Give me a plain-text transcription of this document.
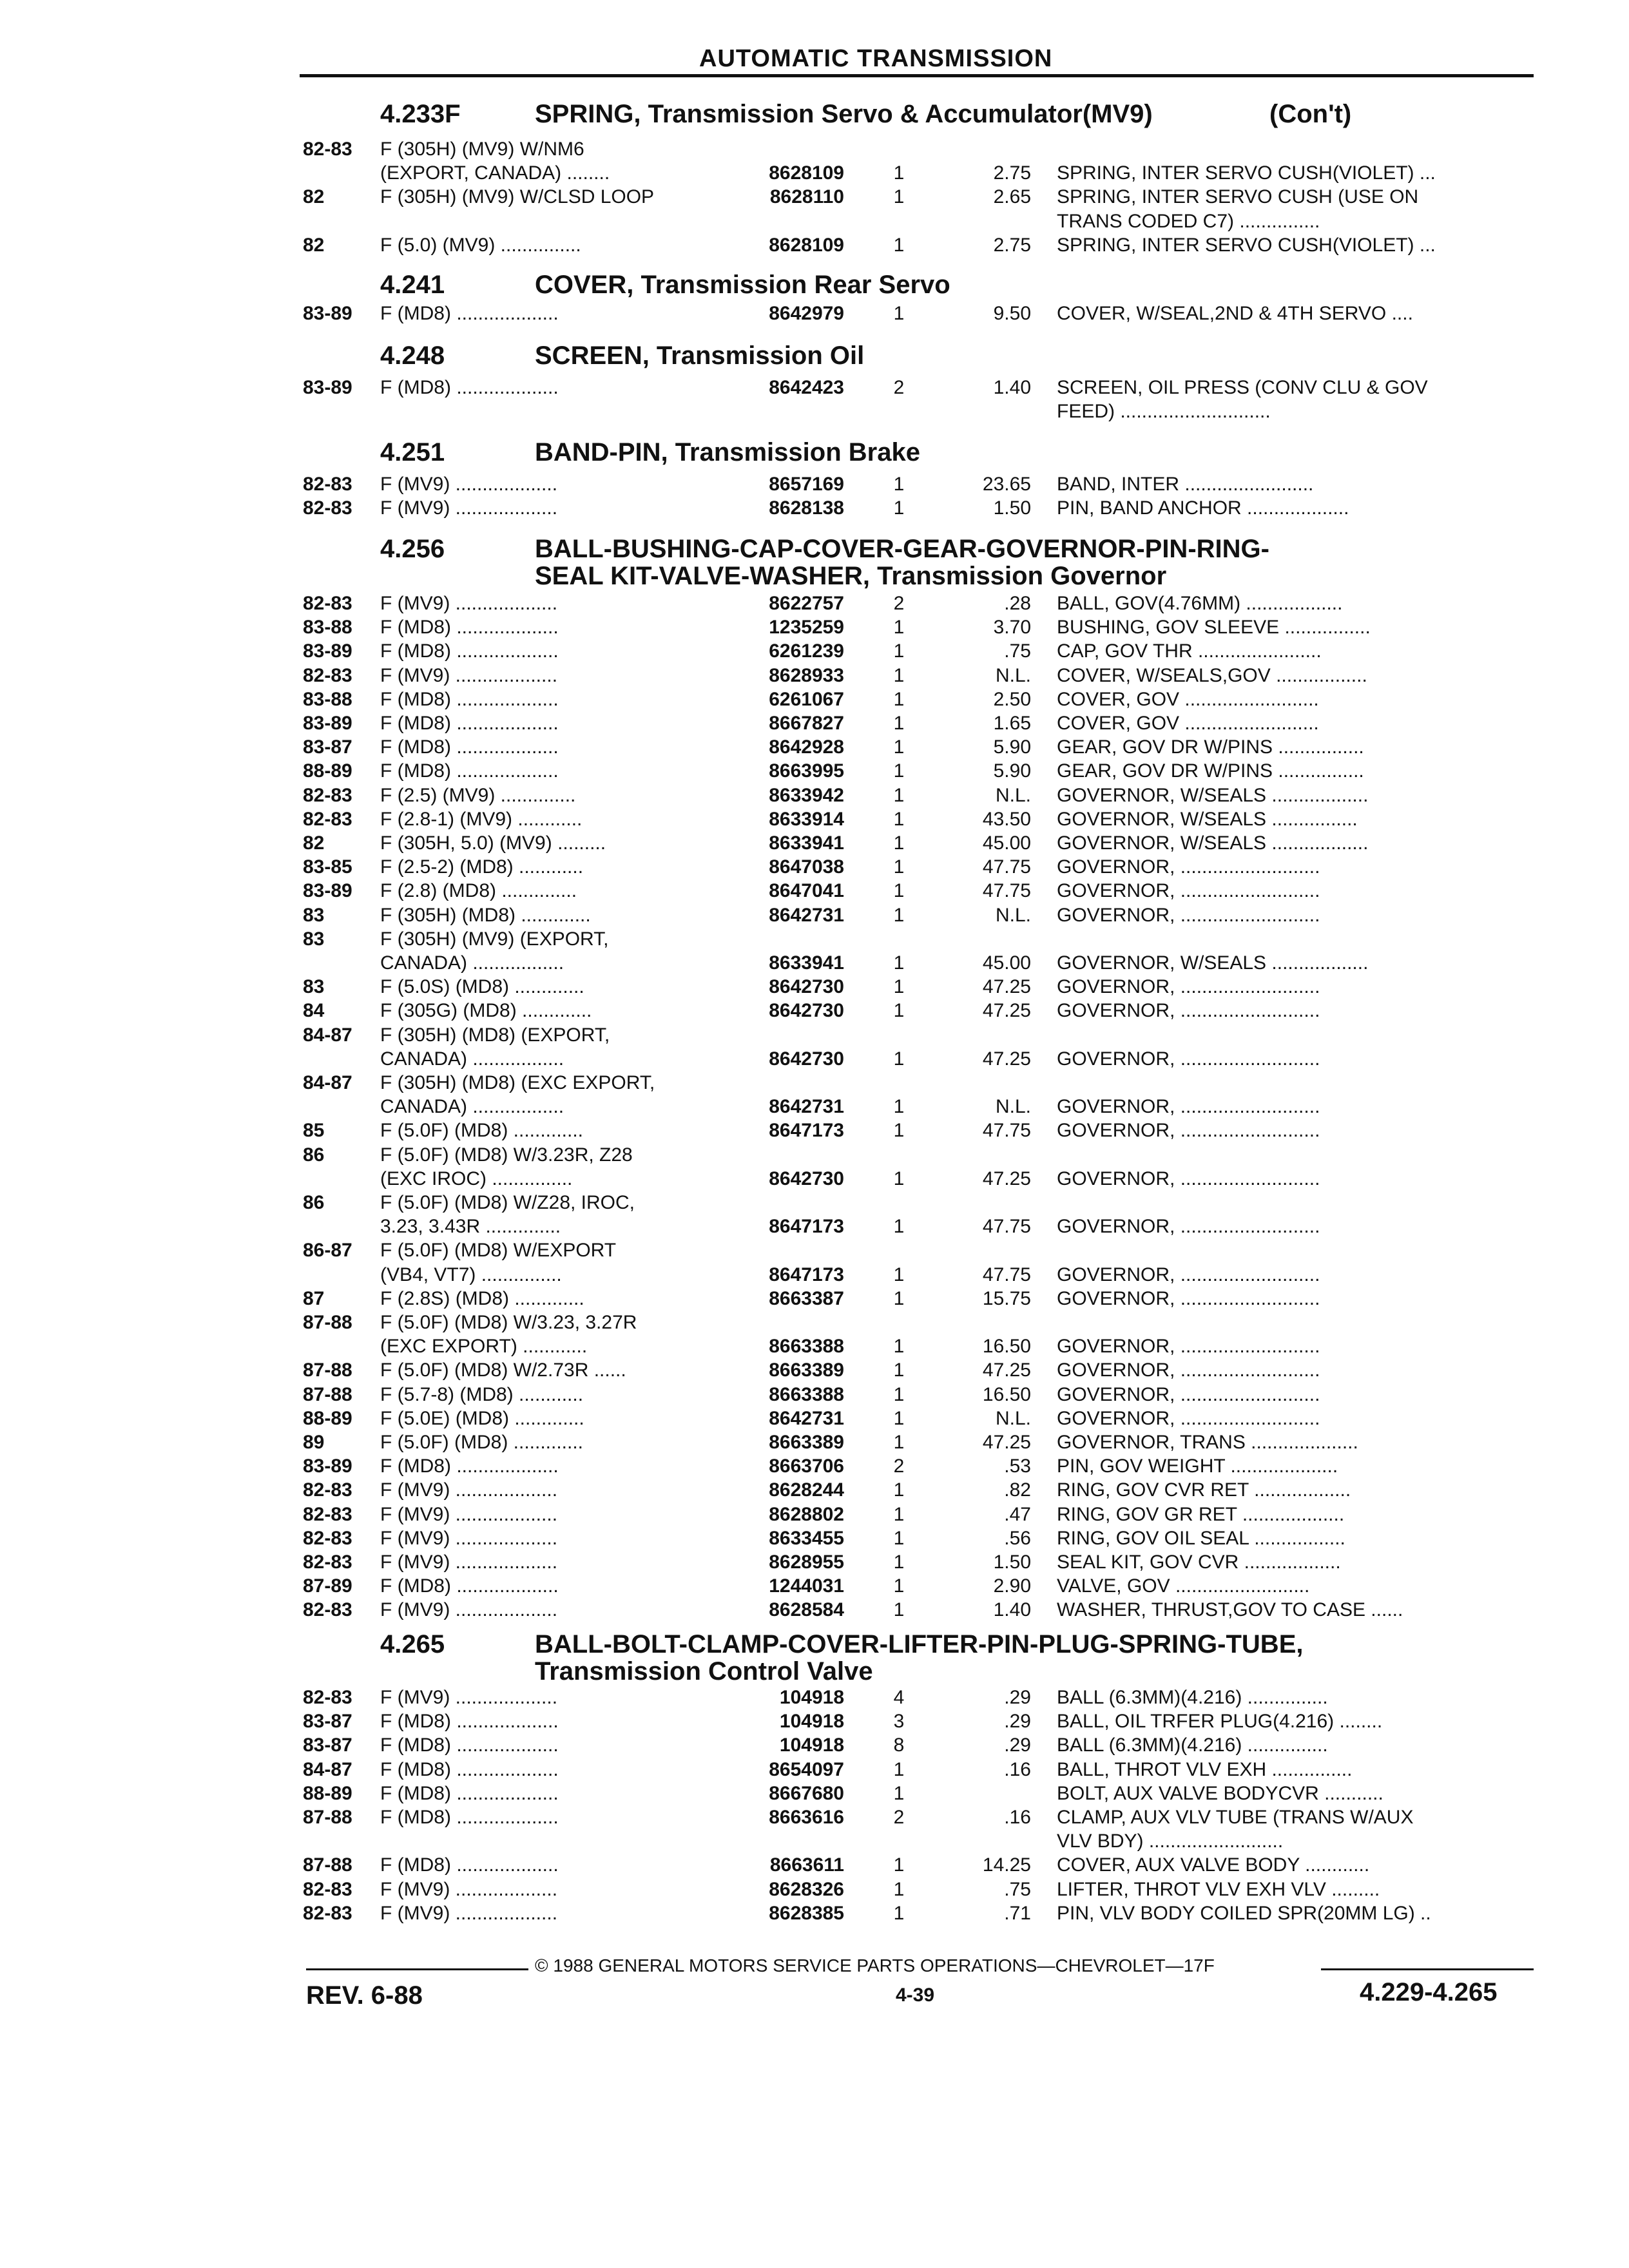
AUTOMATIC TRANSMISSION
4.233F	SPRING, Transmission Servo & Accumulator(MV9)	(Con't)
82-83 F (305H) (MV9) W/NM6
(EXPORT, CANADA) ........	8628109	1	2.75 SPRING, INTER SERVO CUSH(VIOLET) ...
82	F (305H) (MV9) W/CLSD LOOP	8628110	1	2.65 SPRING, INTER SERVO CUSH (USE ON
TRANS CODED C7) ...............
82	F (5.0) (MV9) ...............	8628109	1	2.75 SPRING, INTER SERVO CUSH(VIOLET) ...
4.241	COVER, Transmission Rear Servo
83-89 F (MD8) ...................	8642979	1	9.50 COVER, W/SEAL,2ND & 4TH SERVO ....
4.248	SCREEN, Transmission Oil
83-89 F (MD8) ...................	8642423	2	1.40 SCREEN, OIL PRESS (CONV CLU & GOV
FEED) ............................
4.251	BAND-PIN, Transmission Brake
82-83 F (MV9) ...................	8657169	1	23.65 BAND, INTER ........................
82-83 F (MV9) ...................	8628138	1	1.50 PIN, BAND ANCHOR ...................
4.256	BALL-BUSHING-CAP-COVER-GEAR-GOVERNOR-PIN-RING-
SEAL KIT-VALVE-WASHER, Transmission Governor
82-83 F (MV9) ...................	8622757	2	.28 BALL, GOV(4.76MM) ..................
83-88 F (MD8) ...................	1235259	1	3.70 BUSHING, GOV SLEEVE ................
83-89 F (MD8) ...................	6261239	1	.75 CAP, GOV THR .......................
82-83 F (MV9) ...................	8628933	1	N.L. COVER, W/SEALS,GOV .................
83-88 F (MD8) ...................	6261067	1	2.50 COVER, GOV .........................
83-89 F (MD8) ...................	8667827	1	1.65 COVER, GOV .........................
83-87 F (MD8) ...................	8642928	1	5.90 GEAR, GOV DR W/PINS ................
88-89 F (MD8) ...................	8663995	1	5.90 GEAR, GOV DR W/PINS ................
82-83 F (2.5) (MV9) ..............	8633942	1	N.L. GOVERNOR, W/SEALS ..................
82-83 F (2.8-1) (MV9) ............	8633914	1	43.50 GOVERNOR, W/SEALS ................
82	F (305H, 5.0) (MV9) .........	8633941	1	45.00 GOVERNOR, W/SEALS ..................
83-85 F (2.5-2) (MD8) ............	8647038	1	47.75 GOVERNOR, ..........................
83-89 F (2.8) (MD8) ..............	8647041	1	47.75 GOVERNOR, ..........................
83	F (305H) (MD8) .............	8642731	1	N.L. GOVERNOR, ..........................
83	F (305H) (MV9) (EXPORT,
CANADA) .................	8633941	1	45.00 GOVERNOR, W/SEALS ..................
83	F (5.0S) (MD8) .............	8642730	1	47.25 GOVERNOR, ..........................
84	F (305G) (MD8) .............	8642730	1	47.25 GOVERNOR, ..........................
84-87 F (305H) (MD8) (EXPORT,
CANADA) .................	8642730	1	47.25 GOVERNOR, ..........................
84-87 F (305H) (MD8) (EXC EXPORT,
CANADA) .................	8642731	1	N.L. GOVERNOR, ..........................
85	F (5.0F) (MD8) .............	8647173	1	47.75 GOVERNOR, ..........................
86	F (5.0F) (MD8) W/3.23R, Z28
(EXC IROC) ...............	8642730	1	47.25 GOVERNOR, ..........................
86	F (5.0F) (MD8) W/Z28, IROC,
3.23, 3.43R ..............	8647173	1	47.75 GOVERNOR, ..........................
86-87 F (5.0F) (MD8) W/EXPORT
(VB4, VT7) ...............	8647173	1	47.75 GOVERNOR, ..........................
87	F (2.8S) (MD8) .............	8663387	1	15.75 GOVERNOR, ..........................
87-88 F (5.0F) (MD8) W/3.23, 3.27R
(EXC EXPORT) ............	8663388	1	16.50 GOVERNOR, ..........................
87-88 F (5.0F) (MD8) W/2.73R ......	8663389	1	47.25 GOVERNOR, ..........................
87-88 F (5.7-8) (MD8) ............	8663388	1	16.50 GOVERNOR, ..........................
88-89 F (5.0E) (MD8) .............	8642731	1	N.L. GOVERNOR, ..........................
89	F (5.0F) (MD8) .............	8663389	1	47.25 GOVERNOR, TRANS ....................
83-89 F (MD8) ...................	8663706	2	.53 PIN, GOV WEIGHT ....................
82-83 F (MV9) ...................	8628244	1	.82 RING, GOV CVR RET ..................
82-83 F (MV9) ...................	8628802	1	.47 RING, GOV GR RET ...................
82-83 F (MV9) ...................	8633455	1	.56 RING, GOV OIL SEAL .................
82-83 F (MV9) ...................	8628955	1	1.50 SEAL KIT, GOV CVR ..................
87-89 F (MD8) ...................	1244031	1	2.90 VALVE, GOV .........................
82-83 F (MV9) ...................	8628584	1	1.40 WASHER, THRUST,GOV TO CASE ......
4.265	BALL-BOLT-CLAMP-COVER-LIFTER-PIN-PLUG-SPRING-TUBE,
Transmission Control Valve
82-83 F (MV9) ...................	104918	4	.29 BALL (6.3MM)(4.216) ...............
83-87 F (MD8) ...................	104918	3	.29 BALL, OIL TRFER PLUG(4.216) ........
83-87 F (MD8) ...................	104918	8	.29 BALL (6.3MM)(4.216) ...............
84-87 F (MD8) ...................	8654097	1	.16 BALL, THROT VLV EXH ...............
88-89 F (MD8) ...................	8667680	1	BOLT, AUX VALVE BODYCVR ...........
87-88 F (MD8) ...................	8663616	2	.16 CLAMP, AUX VLV TUBE (TRANS W/AUX
VLV BDY) .........................
87-88 F (MD8) ...................	8663611	1	14.25 COVER, AUX VALVE BODY ............
82-83 F (MV9) ...................	8628326	1	.75 LIFTER, THROT VLV EXH VLV .........
82-83 F (MV9) ...................	8628385	1	.71 PIN, VLV BODY COILED SPR(20MM LG) ..
© 1988 GENERAL MOTORS SERVICE PARTS OPERATIONS—CHEVROLET—17F
REV. 6-88	4-39	4.229-4.265
